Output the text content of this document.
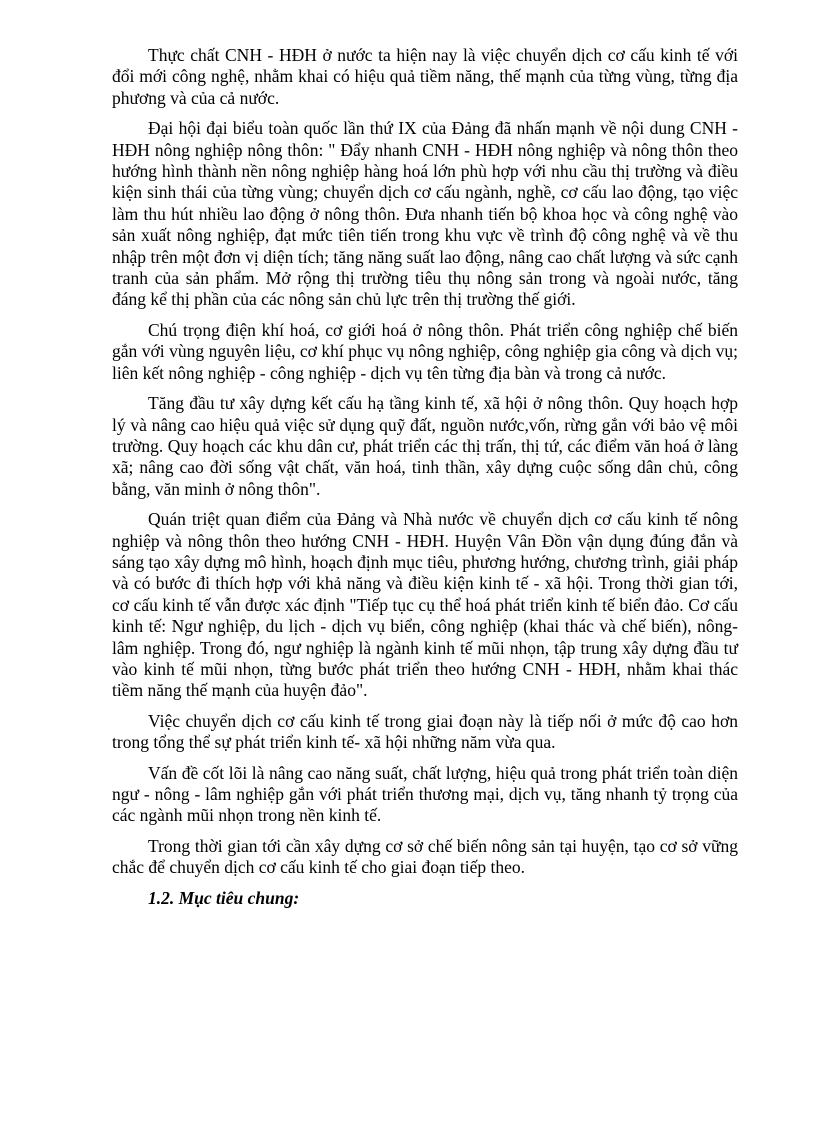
Thực chất CNH - HĐH ở nước ta hiện nay là việc chuyển dịch cơ cấu kinh tế với đổi mới công nghệ, nhằm khai có hiệu quả tiềm năng, thế mạnh của từng vùng, từng địa phương và của cả nước.

Đại hội đại biểu toàn quốc lần thứ IX của Đảng đã nhấn mạnh về nội dung CNH - HĐH nông nghiệp nông thôn: " Đẩy nhanh CNH - HĐH nông nghiệp và nông thôn theo hướng hình thành nền nông nghiệp hàng hoá lớn phù hợp với nhu cầu thị trường và điều kiện sinh thái của từng vùng; chuyển dịch cơ cấu ngành, nghề, cơ cấu lao động, tạo việc làm thu hút nhiều lao động ở nông thôn. Đưa nhanh tiến bộ khoa học và công nghệ vào sản xuất nông nghiệp, đạt mức tiên tiến trong khu vực về trình độ công nghệ và về thu nhập trên một đơn vị diện tích; tăng năng suất lao động, nâng cao chất lượng và sức cạnh tranh của sản phẩm. Mở rộng thị trường tiêu thụ nông sản trong và ngoài nước, tăng đáng kể thị phần của các nông sản chủ lực trên thị trường thế giới.

Chú trọng điện khí hoá, cơ giới hoá ở nông thôn. Phát triển công nghiệp chế biến gắn với vùng nguyên liệu, cơ khí phục vụ nông nghiệp, công nghiệp gia công và dịch vụ; liên kết nông nghiệp - công nghiệp - dịch vụ tên từng địa bàn và trong cả nước.

Tăng đầu tư xây dựng kết cấu hạ tầng kinh tế, xã hội ở nông thôn. Quy hoạch hợp lý và nâng cao hiệu quả việc sử dụng quỹ đất, nguồn nước,vốn, rừng gắn với bảo vệ môi trường. Quy hoạch các khu dân cư, phát triển các thị trấn, thị tứ, các điểm văn hoá ở làng xã; nâng cao đời sống vật chất, văn hoá, tinh thần, xây dựng cuộc sống dân chủ, công bằng, văn minh ở nông thôn".

Quán triệt quan điểm của Đảng và Nhà nước về chuyển dịch cơ cấu kinh tế nông nghiệp và nông thôn theo hướng CNH - HĐH. Huyện Vân Đồn vận dụng đúng đắn và sáng tạo xây dựng mô hình, hoạch định mục tiêu, phương hướng, chương trình, giải pháp và có bước đi thích hợp với khả năng và điều kiện kinh tế - xã hội. Trong thời gian tới, cơ cấu kinh tế vẫn được xác định "Tiếp tục cụ thể hoá phát triển kinh tế biển đảo. Cơ cấu kinh tế: Ngư nghiệp, du lịch - dịch vụ biển, công nghiệp (khai thác và chế biến), nông- lâm nghiệp. Trong đó, ngư nghiệp là ngành kinh tế mũi nhọn, tập trung xây dựng đầu tư vào kinh tế mũi nhọn, từng bước phát triển theo hướng CNH - HĐH, nhằm khai thác tiềm năng thế mạnh của huyện đảo".

Việc chuyển dịch cơ cấu kinh tế trong giai đoạn này là tiếp nối ở mức độ cao hơn trong tổng thể sự phát triển kinh tế- xã hội những năm vừa qua.

Vấn đề cốt lõi là nâng cao năng suất, chất lượng, hiệu quả trong phát triển toàn diện ngư - nông - lâm nghiệp gắn với phát triển thương mại, dịch vụ, tăng nhanh tỷ trọng của các ngành mũi nhọn trong nền kinh tế.

Trong thời gian tới cần xây dựng cơ sở chế biến nông sản tại huyện, tạo cơ sở vững chắc để chuyển dịch cơ cấu kinh tế cho giai đoạn tiếp theo.

1.2. Mục tiêu chung:
